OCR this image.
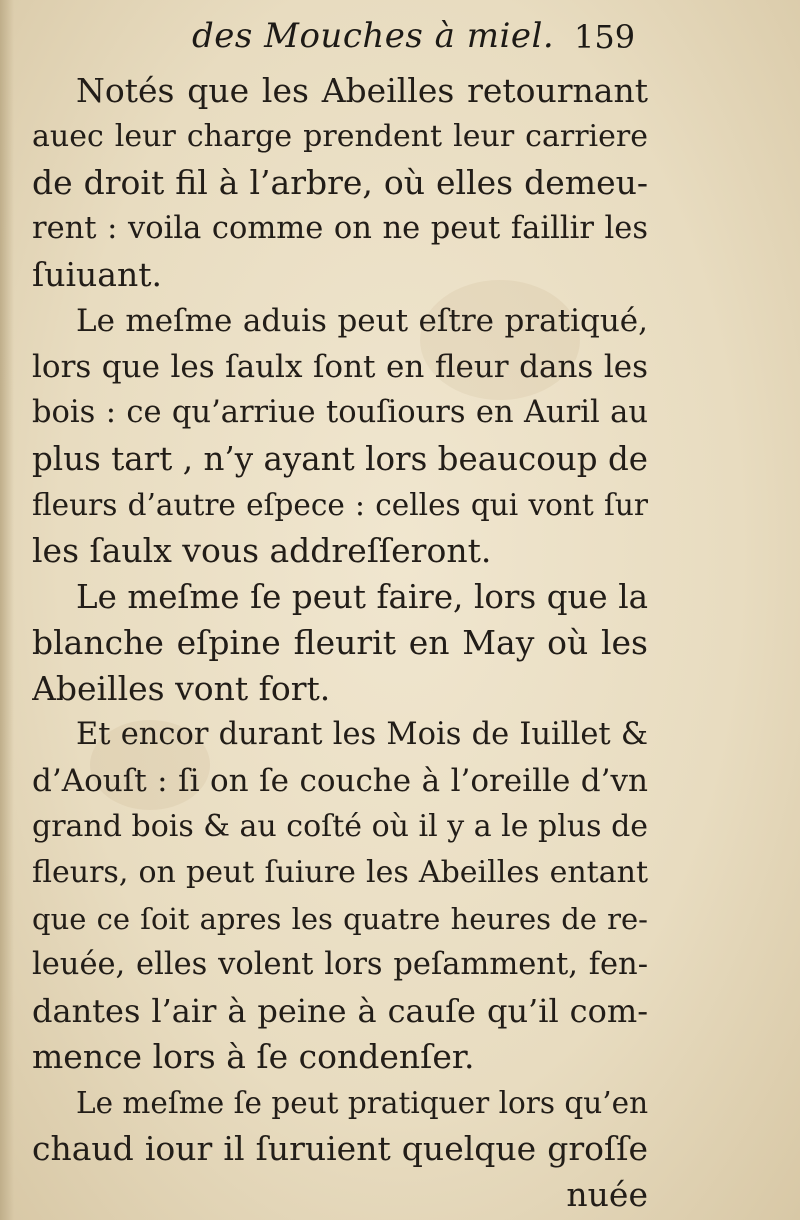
des Mouches à miel. 159
Notés que les Abeilles retournant
auec leur charge prendent leur carriere
de droit fil à l’arbre, où elles demeu-
rent : voila comme on ne peut faillir les
ſuiuant.
Le meſme aduis peut eſtre pratiqué,
lors que les ſaulx ſont en fleur dans les
bois : ce qu’arriue touſiours en Auril au
plus tart , n’y ayant lors beaucoup de
fleurs d’autre eſpece : celles qui vont ſur
les ſaulx vous addreſſeront.
Le meſme ſe peut faire, lors que la
blanche eſpine fleurit en May où les
Abeilles vont fort.
Et encor durant les Mois de Iuillet &
d’Aouſt : ſi on ſe couche à l’oreille d’vn
grand bois & au coſté où il y a le plus de
fleurs, on peut ſuiure les Abeilles entant
que ce ſoit apres les quatre heures de re-
leuée, elles volent lors peſamment, fen-
dantes l’air à peine à cauſe qu’il com-
mence lors à ſe condenſer.
Le meſme ſe peut pratiquer lors qu’en
chaud iour il ſuruient quelque groſſe
nuée
